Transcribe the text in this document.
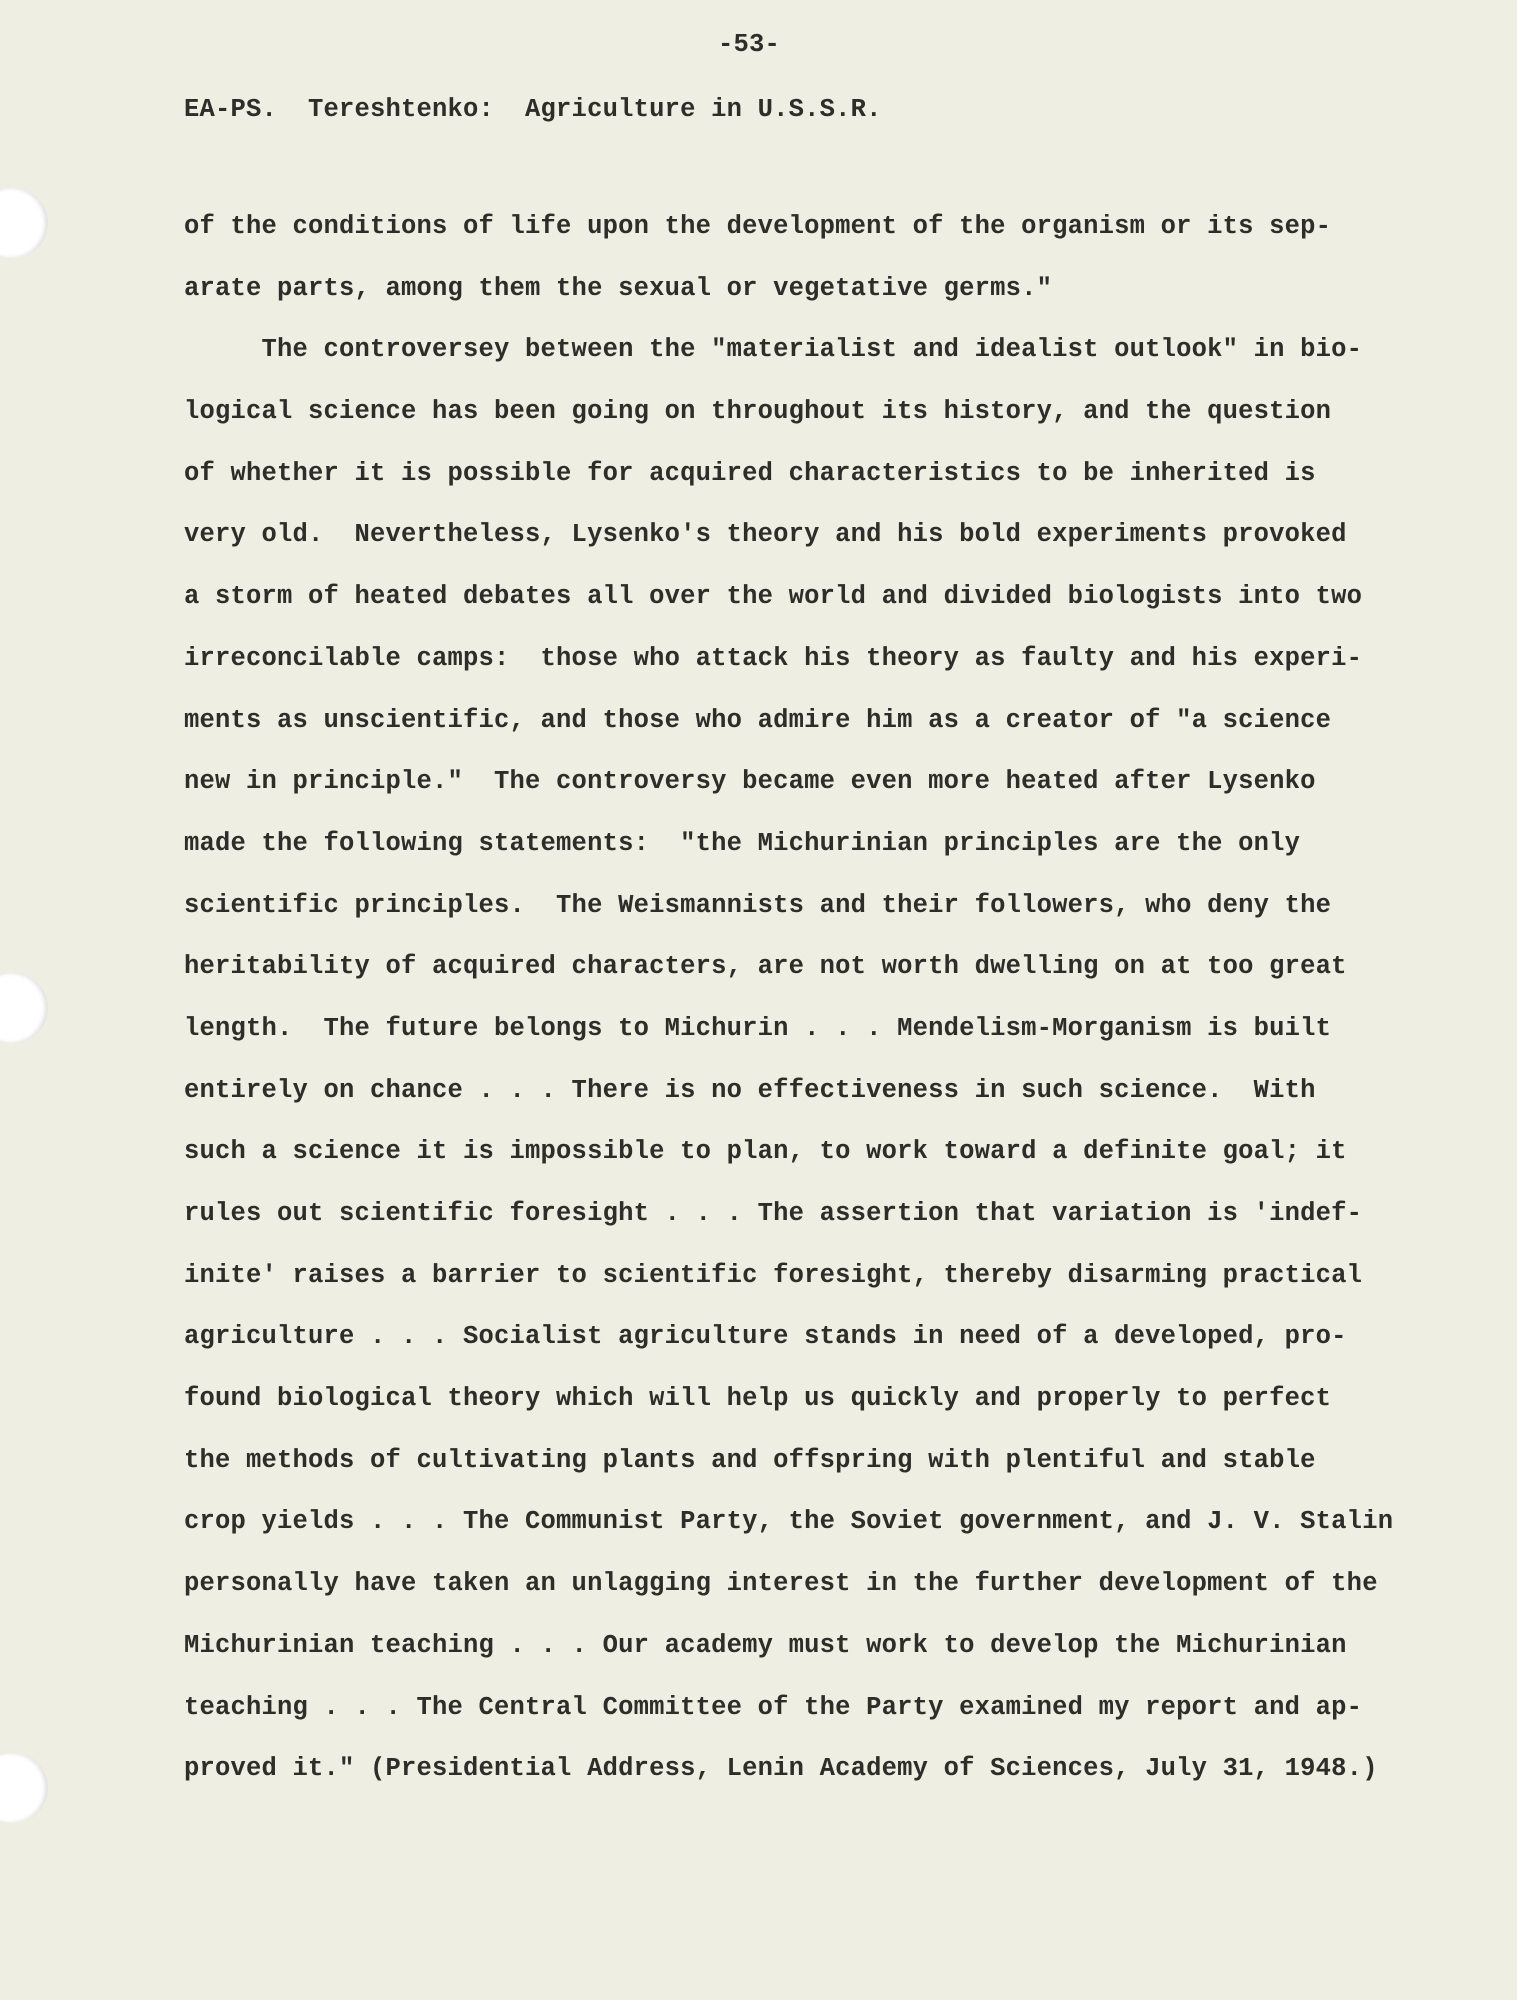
-53-
EA-PS.  Tereshtenko:  Agriculture in U.S.S.R.
of the conditions of life upon the development of the organism or its sep-
arate parts, among them the sexual or vegetative germs."
The controversey between the "materialist and idealist outlook" in bio-
logical science has been going on throughout its history, and the question
of whether it is possible for acquired characteristics to be inherited is
very old.  Nevertheless, Lysenko's theory and his bold experiments provoked
a storm of heated debates all over the world and divided biologists into two
irreconcilable camps:  those who attack his theory as faulty and his experi-
ments as unscientific, and those who admire him as a creator of "a science
new in principle."  The controversy became even more heated after Lysenko
made the following statements:  "the Michurinian principles are the only
scientific principles.  The Weismannists and their followers, who deny the
heritability of acquired characters, are not worth dwelling on at too great
length.  The future belongs to Michurin . . . Mendelism-Morganism is built
entirely on chance . . . There is no effectiveness in such science.  With
such a science it is impossible to plan, to work toward a definite goal; it
rules out scientific foresight . . . The assertion that variation is 'indef-
inite' raises a barrier to scientific foresight, thereby disarming practical
agriculture . . . Socialist agriculture stands in need of a developed, pro-
found biological theory which will help us quickly and properly to perfect
the methods of cultivating plants and offspring with plentiful and stable
crop yields . . . The Communist Party, the Soviet government, and J. V. Stalin
personally have taken an unlagging interest in the further development of the
Michurinian teaching . . . Our academy must work to develop the Michurinian
teaching . . . The Central Committee of the Party examined my report and ap-
proved it." (Presidential Address, Lenin Academy of Sciences, July 31, 1948.)
